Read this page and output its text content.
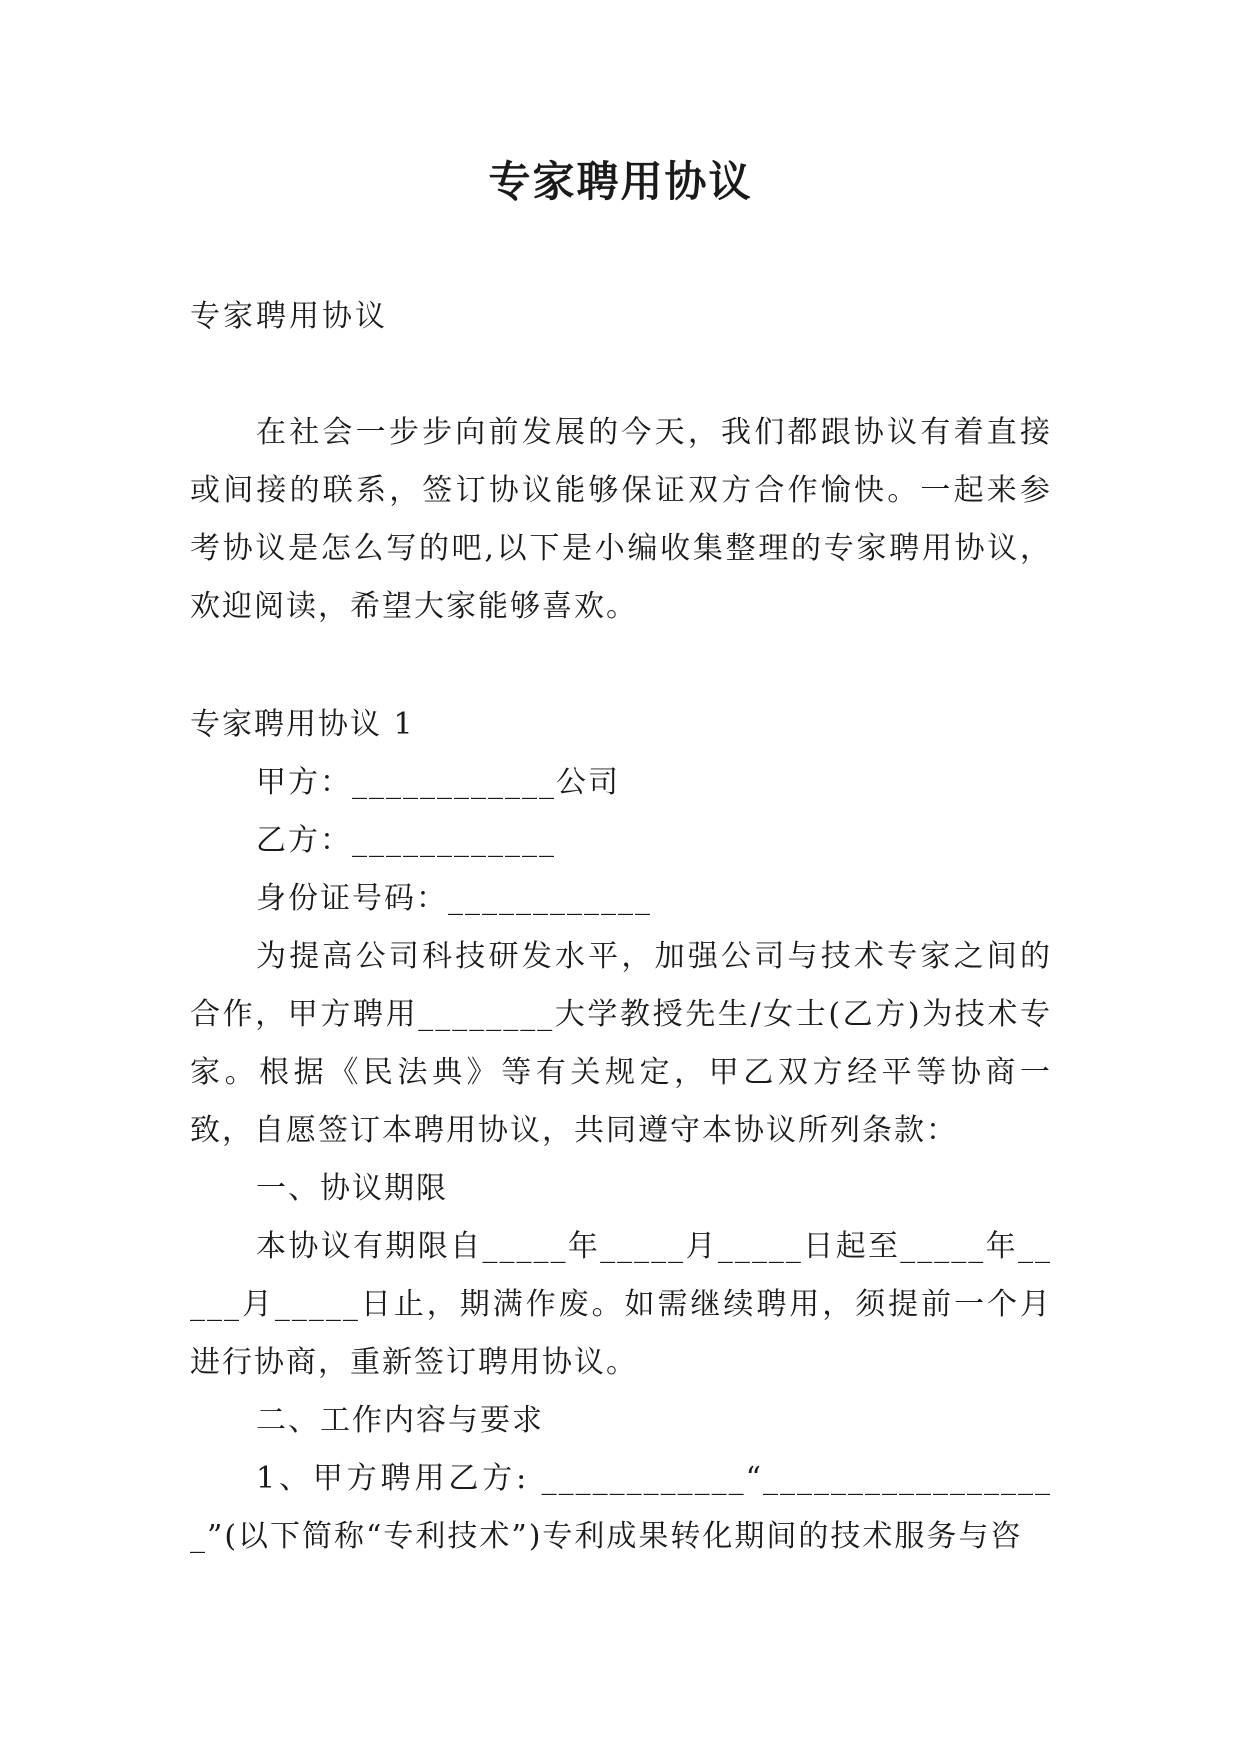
专家聘用协议
专家聘用协议

在社会一步步向前发展的今天，我们都跟协议有着直接或间接的联系，签订协议能够保证双方合作愉快。一起来参考协议是怎么写的吧,以下是小编收集整理的专家聘用协议，欢迎阅读，希望大家能够喜欢。

专家聘用协议 1

甲方：____________公司

乙方：____________

身份证号码：____________

为提高公司科技研发水平，加强公司与技术专家之间的合作，甲方聘用________大学教授先生/女士(乙方)为技术专家。根据《民法典》等有关规定，甲乙双方经平等协商一致，自愿签订本聘用协议，共同遵守本协议所列条款：

一、协议期限

本协议有期限自_____年_____月_____日起至_____年_____月_____日止，期满作废。如需继续聘用，须提前一个月进行协商，重新签订聘用协议。

二、工作内容与要求

1、甲方聘用乙方: ____________“__________________”(以下简称“专利技术”)专利成果转化期间的技术服务与咨
